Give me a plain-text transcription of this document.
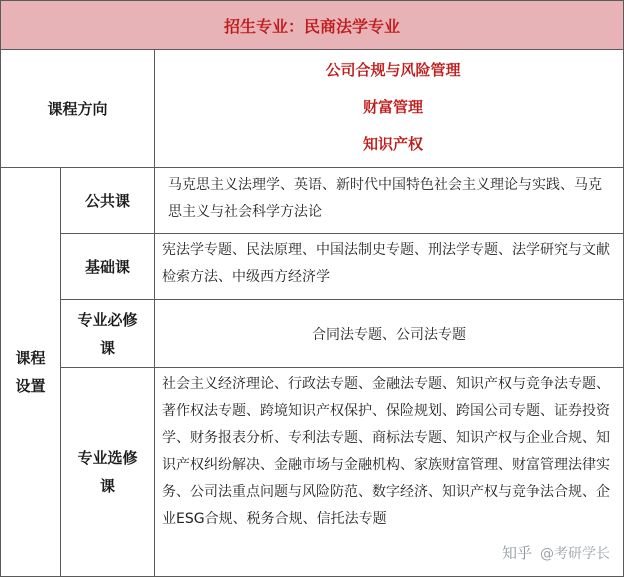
招生专业：民商法学专业
课程方向
公司合规与风险管理
财富管理
知识产权
课程
设置
公共课
马克思主义法理学、英语、新时代中国特色社会主义理论与实践、马克思主义与社会科学方法论
基础课
宪法学专题、民法原理、中国法制史专题、刑法学专题、法学研究与文献检索方法、中级西方经济学
专业必修
课
合同法专题、公司法专题
专业选修
课
社会主义经济理论、行政法专题、金融法专题、知识产权与竞争法专题、著作权法专题、跨境知识产权保护、保险规划、跨国公司专题、证券投资学、财务报表分析、专利法专题、商标法专题、知识产权与企业合规、知识产权纠纷解决、金融市场与金融机构、家族财富管理、财富管理法律实务、公司法重点问题与风险防范、数字经济、知识产权与竞争法合规、企业ESG合规、税务合规、信托法专题
知乎 @考研学长
